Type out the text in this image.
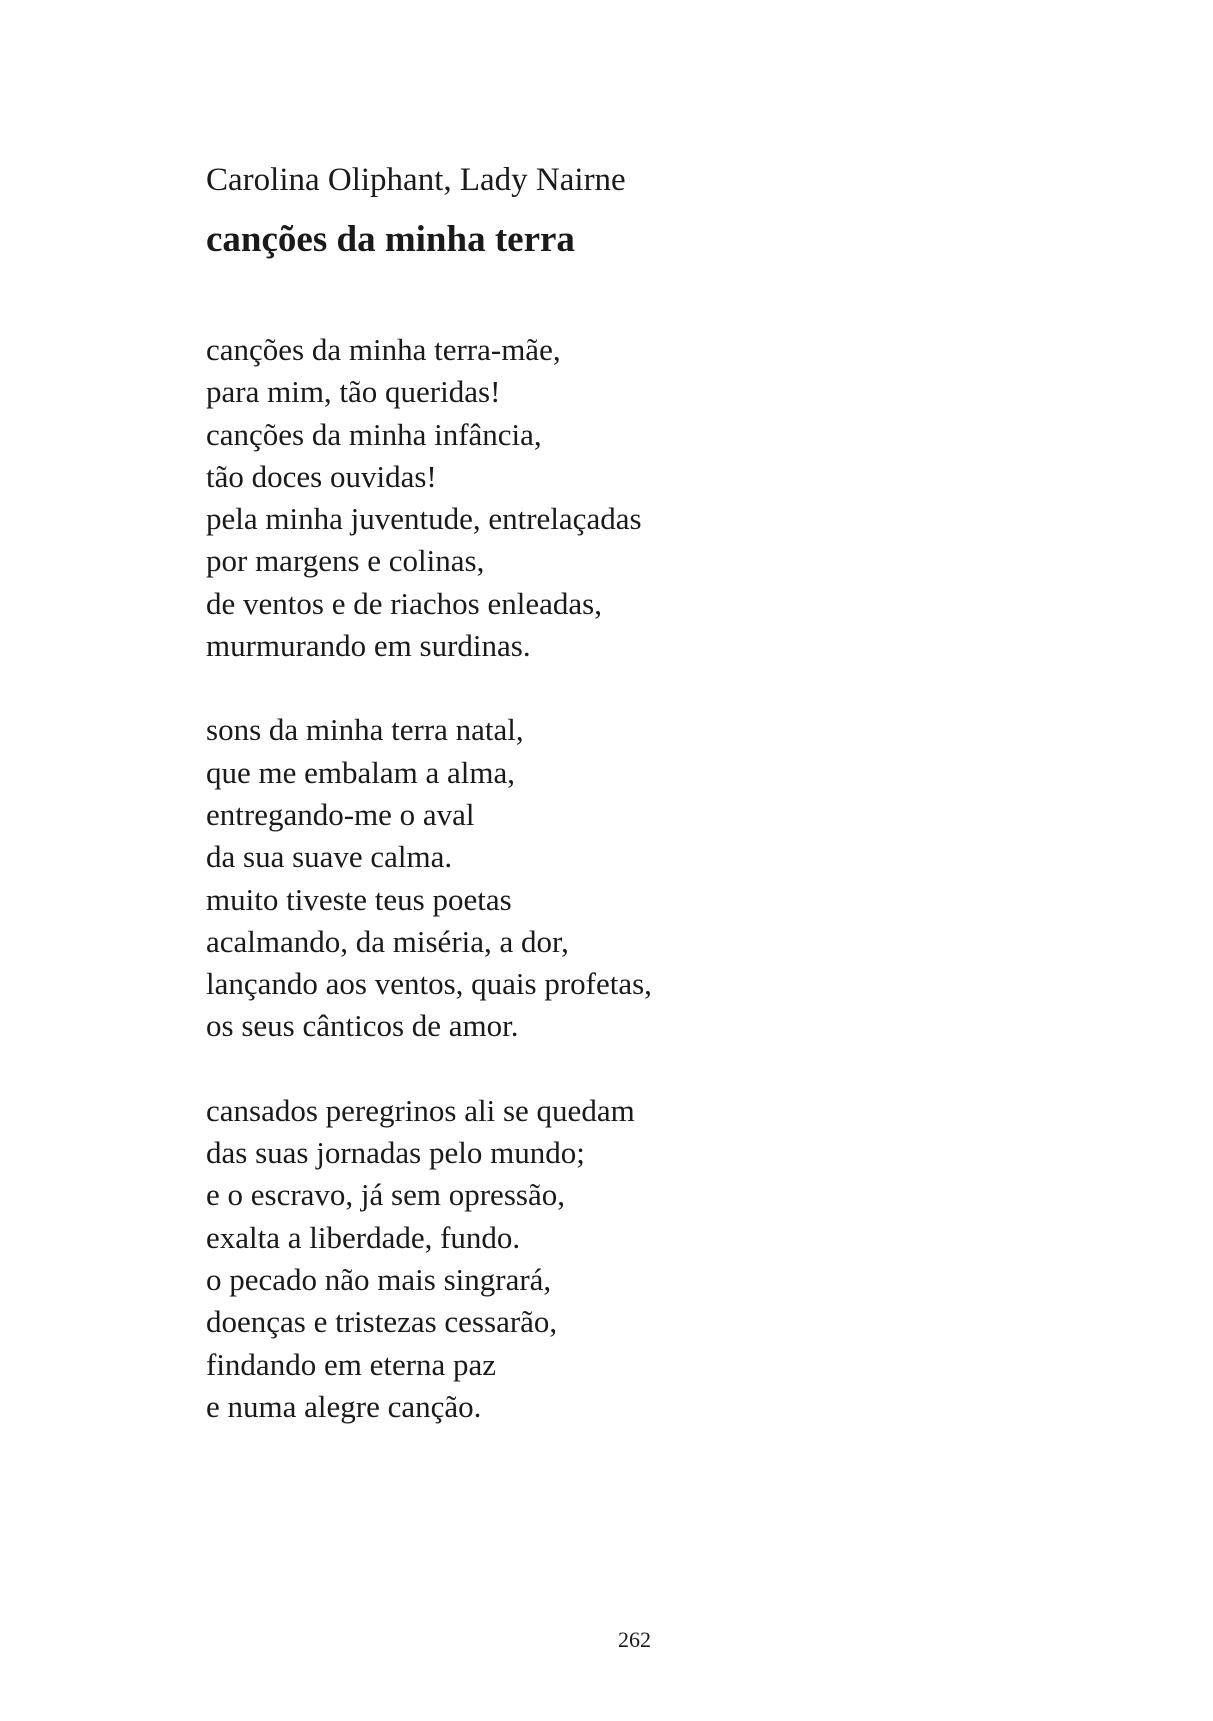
Carolina Oliphant, Lady Nairne
canções da minha terra
canções da minha terra-mãe,
para mim, tão queridas!
canções da minha infância,
tão doces ouvidas!
pela minha juventude, entrelaçadas
por margens e colinas,
de ventos e de riachos enleadas,
murmurando em surdinas.
sons da minha terra natal,
que me embalam a alma,
entregando-me o aval
da sua suave calma.
muito tiveste teus poetas
acalmando, da miséria, a dor,
lançando aos ventos, quais profetas,
os seus cânticos de amor.
cansados peregrinos ali se quedam
das suas jornadas pelo mundo;
e o escravo, já sem opressão,
exalta a liberdade, fundo.
o pecado não mais singrará,
doenças e tristezas cessarão,
findando em eterna paz
e numa alegre canção.
262
